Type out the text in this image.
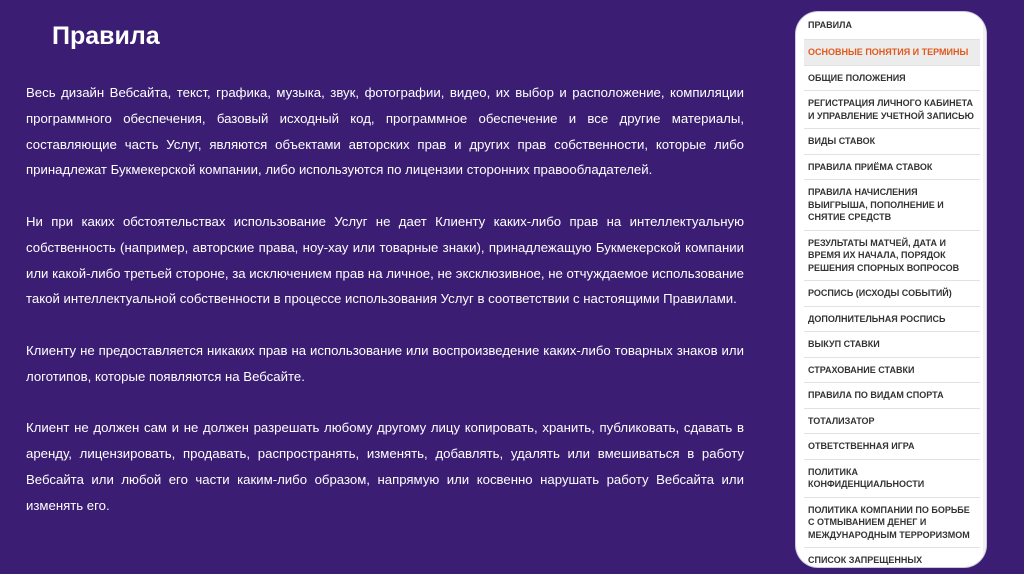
Правила

Весь дизайн Вебсайта, текст, графика, музыка, звук, фотографии, видео, их выбор и расположение, компиляции программного обеспечения, базовый исходный код, программное обеспечение и все другие материалы, составляющие часть Услуг, являются объектами авторских прав и других прав собственности, которые либо принадлежат Букмекерской компании, либо используются по лицензии сторонних правообладателей.

Ни при каких обстоятельствах использование Услуг не дает Клиенту каких-либо прав на интеллектуальную собственность (например, авторские права, ноу-хау или товарные знаки), принадлежащую Букмекерской компании или какой-либо третьей стороне, за исключением прав на личное, не эксклюзивное, не отчуждаемое использование такой интеллектуальной собственности в процессе использования Услуг в соответствии с настоящими Правилами.

Клиенту не предоставляется никаких прав на использование или воспроизведение каких-либо товарных знаков или логотипов, которые появляются на Вебсайте.

Клиент не должен сам и не должен разрешать любому другому лицу копировать, хранить, публиковать, сдавать в аренду, лицензировать, продавать, распространять, изменять, добавлять, удалять или вмешиваться в работу Вебсайта или любой его части каким-либо образом, напрямую или косвенно нарушать работу Вебсайта или изменять его.

ПРАВИЛА
ОСНОВНЫЕ ПОНЯТИЯ И ТЕРМИНЫ
ОБЩИЕ ПОЛОЖЕНИЯ
РЕГИСТРАЦИЯ ЛИЧНОГО КАБИНЕТА И УПРАВЛЕНИЕ УЧЕТНОЙ ЗАПИСЬЮ
ВИДЫ СТАВОК
ПРАВИЛА ПРИЁМА СТАВОК
ПРАВИЛА НАЧИСЛЕНИЯ ВЫИГРЫША, ПОПОЛНЕНИЕ И СНЯТИЕ СРЕДСТВ
РЕЗУЛЬТАТЫ МАТЧЕЙ, ДАТА И ВРЕМЯ ИХ НАЧАЛА, ПОРЯДОК РЕШЕНИЯ СПОРНЫХ ВОПРОСОВ
РОСПИСЬ (ИСХОДЫ СОБЫТИЙ)
ДОПОЛНИТЕЛЬНАЯ РОСПИСЬ
ВЫКУП СТАВКИ
СТРАХОВАНИЕ СТАВКИ
ПРАВИЛА ПО ВИДАМ СПОРТА
ТОТАЛИЗАТОР
ОТВЕТСТВЕННАЯ ИГРА
ПОЛИТИКА КОНФИДЕНЦИАЛЬНОСТИ
ПОЛИТИКА КОМПАНИИ ПО БОРЬБЕ С ОТМЫВАНИЕМ ДЕНЕГ И МЕЖДУНАРОДНЫМ ТЕРРОРИЗМОМ
СПИСОК ЗАПРЕЩЕННЫХ
